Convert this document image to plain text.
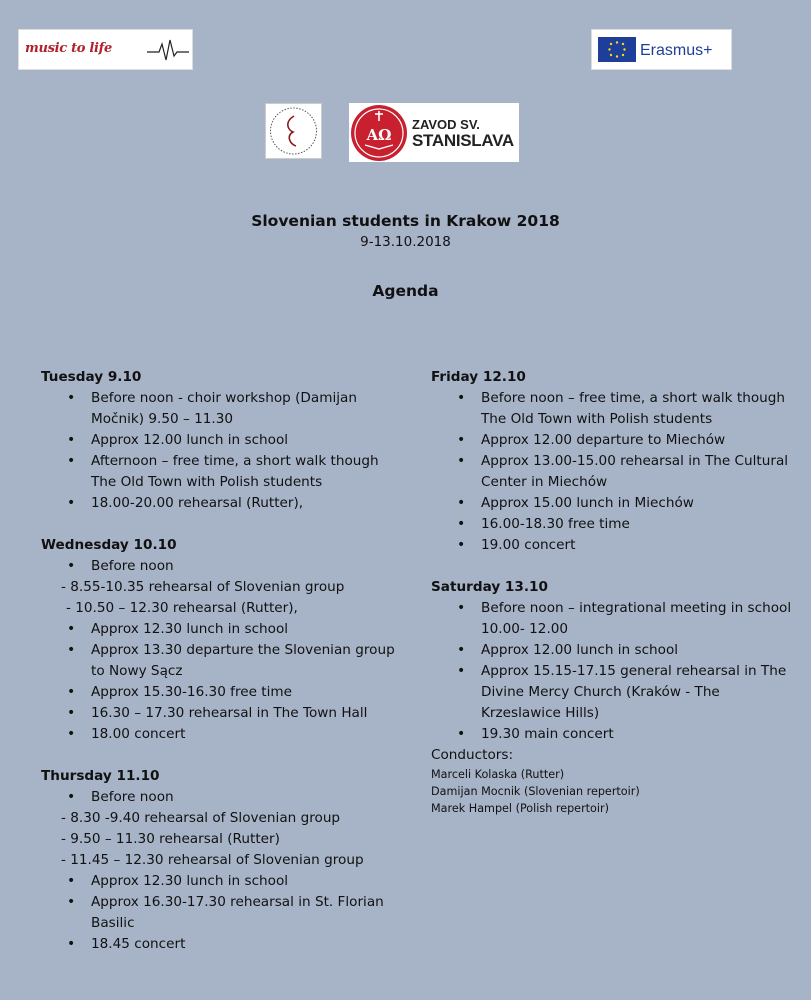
music to life	Erasmus+
AΩ
ZAVOD SV.
STANISLAVA
Slovenian students in Krakow 2018
9-13.10.2018
Agenda

Tuesday 9.10

• Before noon - choir workshop (Damijan Močnik) 9.50 – 11.30
• Approx 12.00 lunch in school
• Afternoon – free time, a short walk though The Old Town with Polish students
• 18.00-20.00 rehearsal (Rutter),

Wednesday 10.10

• Before noon
- 8.55-10.35 rehearsal of Slovenian group
- 10.50 – 12.30 rehearsal (Rutter),
• Approx 12.30 lunch in school
• Approx 13.30 departure the Slovenian group to Nowy Sącz
• Approx 15.30-16.30 free time
• 16.30 – 17.30 rehearsal in The Town Hall
• 18.00 concert

Thursday 11.10

• Before noon
- 8.30 -9.40 rehearsal of Slovenian group
- 9.50 – 11.30 rehearsal (Rutter)
- 11.45 – 12.30 rehearsal of Slovenian group
• Approx 12.30 lunch in school
• Approx 16.30-17.30 rehearsal in St. Florian Basilic
• 18.45 concert

Friday 12.10

• Before noon – free time, a short walk though The Old Town with Polish students
• Approx 12.00 departure to Miechów
• Approx 13.00-15.00 rehearsal in The Cultural Center in Miechów
• Approx 15.00 lunch in Miechów
• 16.00-18.30 free time
• 19.00 concert

Saturday 13.10

• Before noon – integrational meeting in school 10.00- 12.00
• Approx 12.00 lunch in school
• Approx 15.15-17.15 general rehearsal in The Divine Mercy Church (Kraków - The Krzeslawice Hills)
• 19.30 main concert
Conductors:
Marceli Kolaska (Rutter)
Damijan Mocnik (Slovenian repertoir)
Marek Hampel (Polish repertoir)
